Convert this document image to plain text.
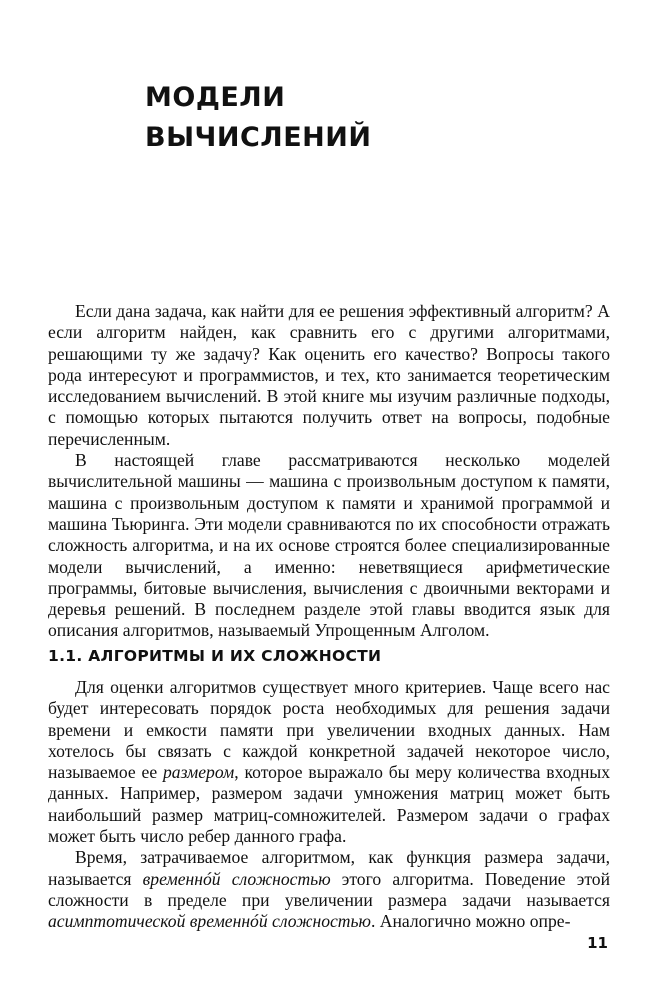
МОДЕЛИ
ВЫЧИСЛЕНИЙ

Если дана задача, как найти для ее решения эффективный алгоритм? А если алгоритм найден, как сравнить его с другими алгоритмами, решающими ту же задачу? Как оценить его качество? Вопросы такого рода интересуют и программистов, и тех, кто занимается теоретическим исследованием вычислений. В этой книге мы изучим различные подходы, с помощью которых пытаются получить ответ на вопросы, подобные перечисленным.

В настоящей главе рассматриваются несколько моделей вычислительной машины — машина с произвольным доступом к памяти, машина с произвольным доступом к памяти и хранимой программой и машина Тьюринга. Эти модели сравниваются по их способности отражать сложность алгоритма, и на их основе строятся более специализированные модели вычислений, а именно: неветвящиеся арифметические программы, битовые вычисления, вычисления с двоичными векторами и деревья решений. В последнем разделе этой главы вводится язык для описания алгоритмов, называемый Упрощенным Алголом.

1.1. АЛГОРИТМЫ И ИХ СЛОЖНОСТИ

Для оценки алгоритмов существует много критериев. Чаще всего нас будет интересовать порядок роста необходимых для решения задачи времени и емкости памяти при увеличении входных данных. Нам хотелось бы связать с каждой конкретной задачей некоторое число, называемое ее размером, которое выражало бы меру количества входных данных. Например, размером задачи умножения матриц может быть наибольший размер матриц-сомножителей. Размером задачи о графах может быть число ребер данного графа.

Время, затрачиваемое алгоритмом, как функция размера задачи, называется временнóй сложностью этого алгоритма. Поведение этой сложности в пределе при увеличении размера задачи называется асимптотической временнóй сложностью. Аналогично можно опре-

11
